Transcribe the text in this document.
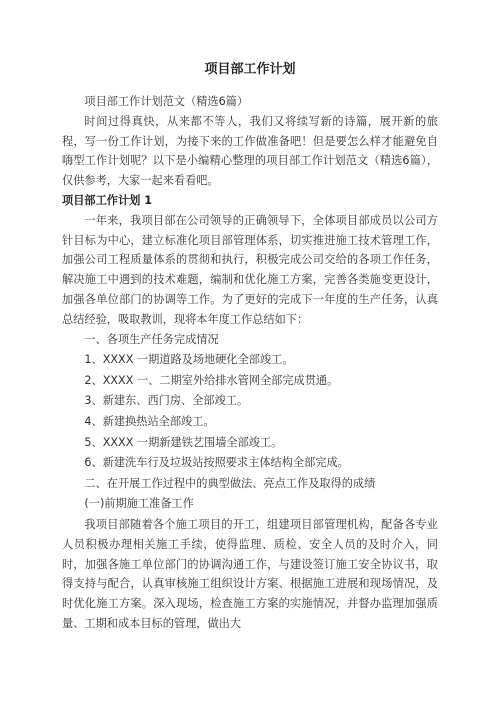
项目部工作计划

项目部工作计划范文（精选6篇）

时间过得真快，从来都不等人，我们又将续写新的诗篇，展开新的旅程，写一份工作计划，为接下来的工作做准备吧！但是要怎么样才能避免自嗨型工作计划呢？以下是小编精心整理的项目部工作计划范文（精选6篇），仅供参考，大家一起来看看吧。

项目部工作计划 1

一年来，我项目部在公司领导的正确领导下，全体项目部成员以公司方针目标为中心，建立标准化项目部管理体系，切实推进施工技术管理工作，加强公司工程质量体系的贯彻和执行，积极完成公司交给的各项工作任务，解决施工中遇到的技术难题，编制和优化施工方案，完善各类施变更设计，加强各单位部门的协调等工作。为了更好的完成下一年度的生产任务，认真总结经验，吸取教训，现将本年度工作总结如下：

一、各项生产任务完成情况

1、XXXX 一期道路及场地硬化全部竣工。

2、XXXX 一、二期室外给排水管网全部完成贯通。

3、新建东、西门房、全部竣工。

4、新建换热站全部竣工。

5、XXXX 一期新建铁艺围墙全部竣工。

6、新建洗车行及垃圾站按照要求主体结构全部完成。

二、在开展工作过程中的典型做法、亮点工作及取得的成绩

(一)前期施工准备工作

我项目部随着各个施工项目的开工，组建项目部管理机构，配备各专业人员积极办理相关施工手续，使得监理、质检、安全人员的及时介入，同时，加强各施工单位部门的协调沟通工作，与建设签订施工安全协议书，取得支持与配合，认真审核施工组织设计方案、根据施工进展和现场情况，及时优化施工方案。深入现场，检查施工方案的实施情况，并督办监理加强质量、工期和成本目标的管理，做出大
